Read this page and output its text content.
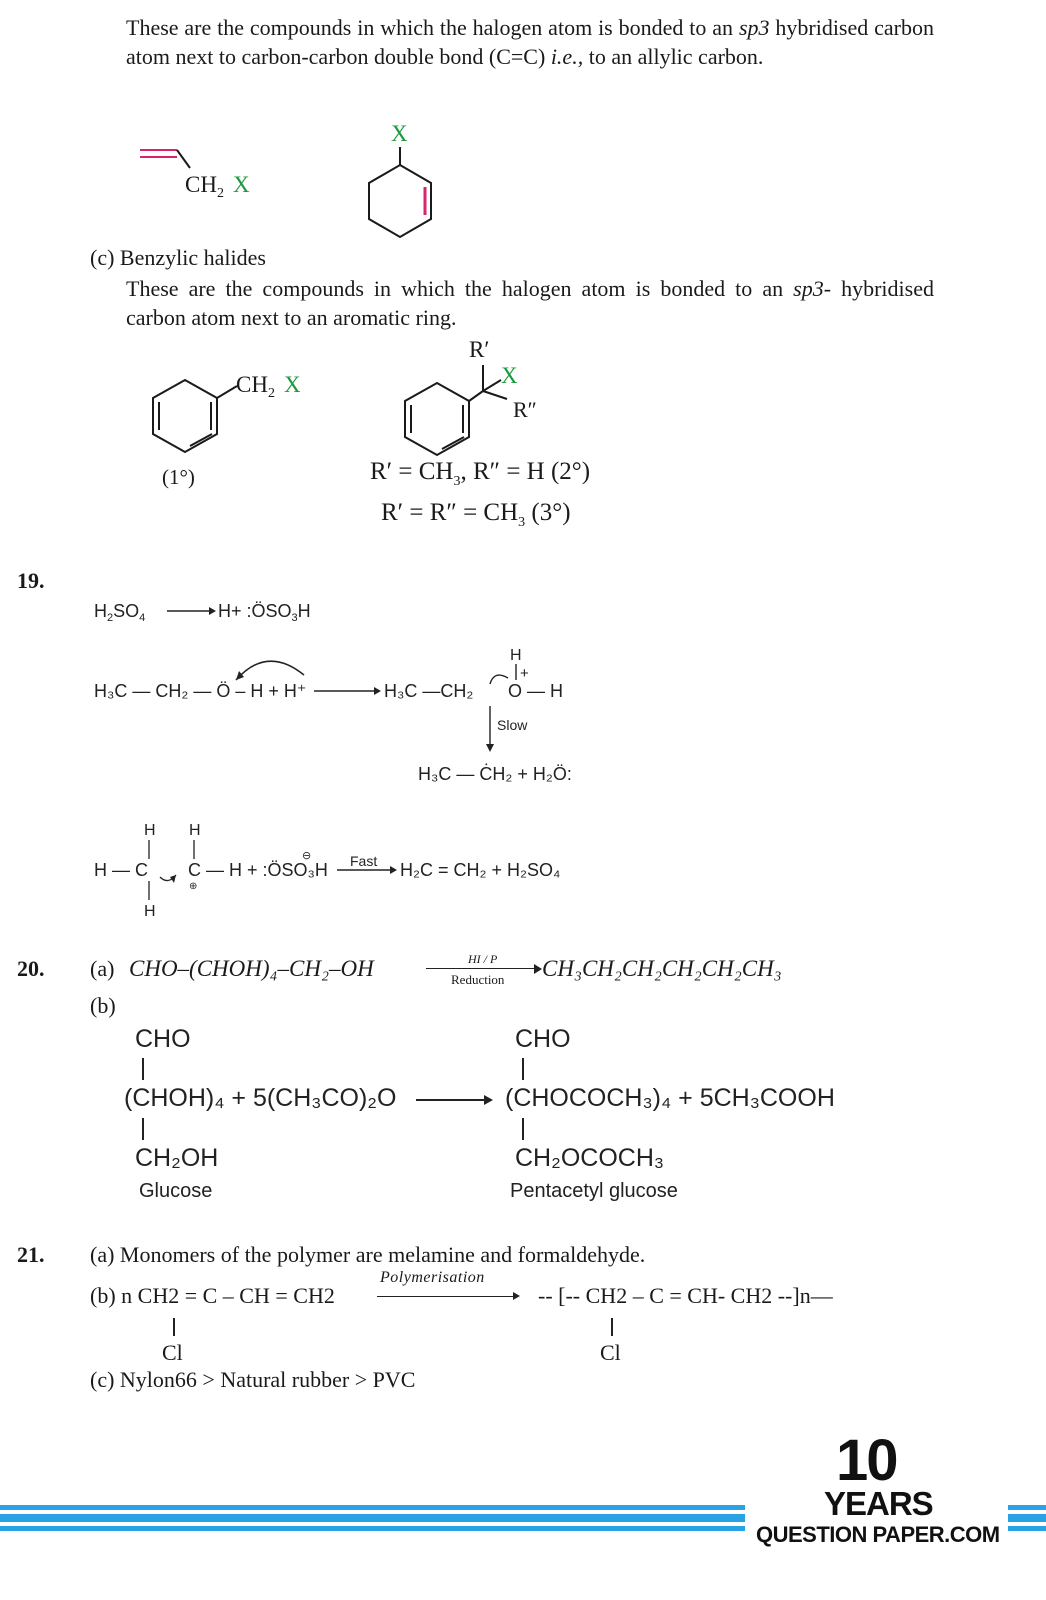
These are the compounds in which the halogen atom is bonded to an sp3 hybridised carbon atom next to carbon-carbon double bond (C=C) i.e., to an allylic carbon.
$CH_2$ X
X
(c) Benzylic halides
These are the compounds in which the halogen atom is bonded to an sp3- hybridised carbon atom next to an aromatic ring.
$CH_2$ X
(1°)
R′
X
R″
$R' = CH_3$, R″ = H (2°)
$R' = R'' = CH_3$ (3°)
19.
$H_2SO_4$	$H+ :ÖSO_3H$
H₃C — CH₂ — Ö – H + H⁺	H₃C —CH₂ O — H
H
+
Slow
H₃C — ĊH₂ + H₂Ö:
H H
H — C C — H + :ÖSO₃H
⊕
⊖
H
Fast H₂C = CH₂ + H₂SO₄
20. (a) CHO–(CHOH)₄–CH₂–OH	HI / P
Reduction CH₃CH₂CH₂CH₂CH₂CH₃
(b)
CHO
(CHOH)₄ + 5(CH₃CO)₂O
CH₂OH
Glucose
CHO
(CHOCOCH₃)₄ + 5CH₃COOH
CH₂OCOCH₃
Pentacetyl glucose
21. (a) Monomers of the polymer are melamine and formaldehyde.
(b) n CH2 = C – CH = CH2
Polymerisation
-- [-- CH2 – C = CH- CH2 --]n—
Cl	Cl
(c) Nylon66 > Natural rubber > PVC
10
YEARS
QUESTION PAPER.COM
